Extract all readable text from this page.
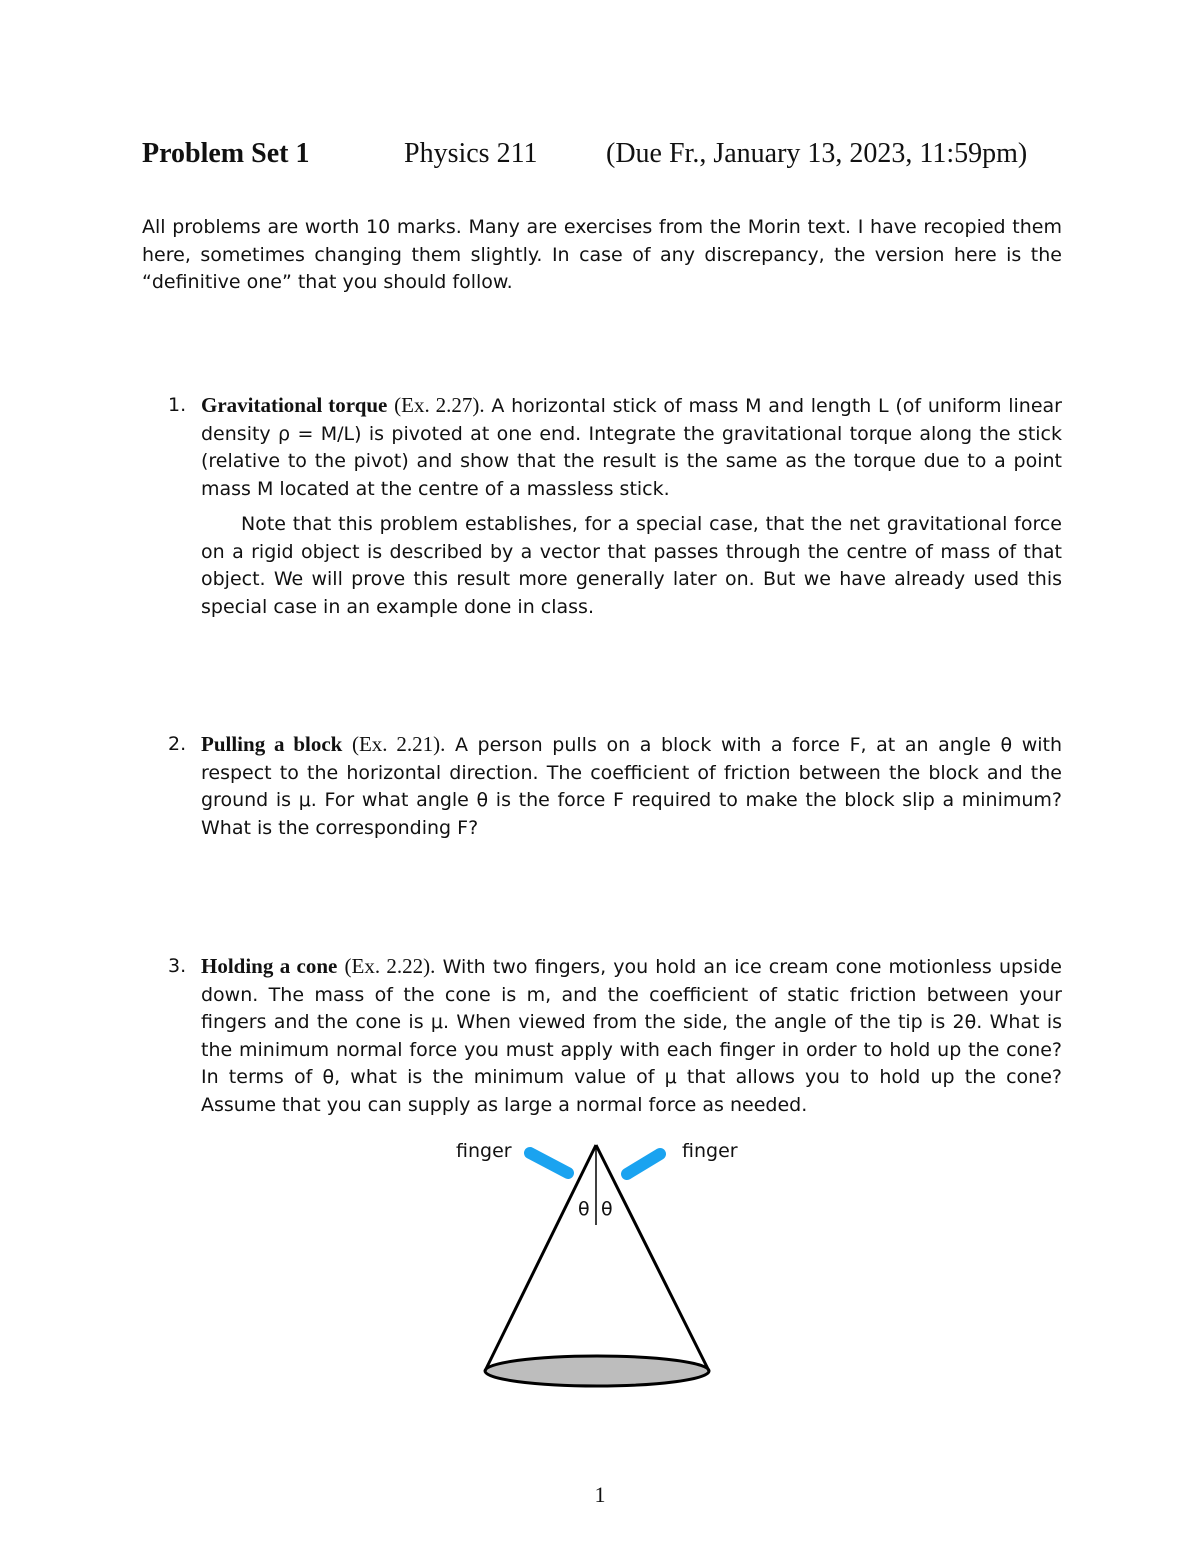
Problem Set 1	Physics 211 (Due Fr., January 13, 2023, 11:59pm)
All problems are worth 10 marks. Many are exercises from the Morin text. I have recopied them here, sometimes changing them slightly. In case of any discrepancy, the version here is the “definitive one” that you should follow.
1. Gravitational torque (Ex. 2.27). A horizontal stick of mass M and length L (of uniform linear density ρ = M/L) is pivoted at one end. Integrate the gravitational torque along the stick (relative to the pivot) and show that the result is the same as the torque due to a point mass M located at the centre of a massless stick.
Note that this problem establishes, for a special case, that the net gravitational force on a rigid object is described by a vector that passes through the centre of mass of that object. We will prove this result more generally later on. But we have already used this special case in an example done in class.
2. Pulling a block (Ex. 2.21). A person pulls on a block with a force F, at an angle θ with respect to the horizontal direction. The coefficient of friction between the block and the ground is μ. For what angle θ is the force F required to make the block slip a minimum? What is the corresponding F?
3. Holding a cone (Ex. 2.22). With two fingers, you hold an ice cream cone motionless upside down. The mass of the cone is m, and the coefficient of static friction between your fingers and the cone is μ. When viewed from the side, the angle of the tip is 2θ. What is the minimum normal force you must apply with each finger in order to hold up the cone? In terms of θ, what is the minimum value of μ that allows you to hold up the cone? Assume that you can supply as large a normal force as needed.
finger	finger
θ θ
1
